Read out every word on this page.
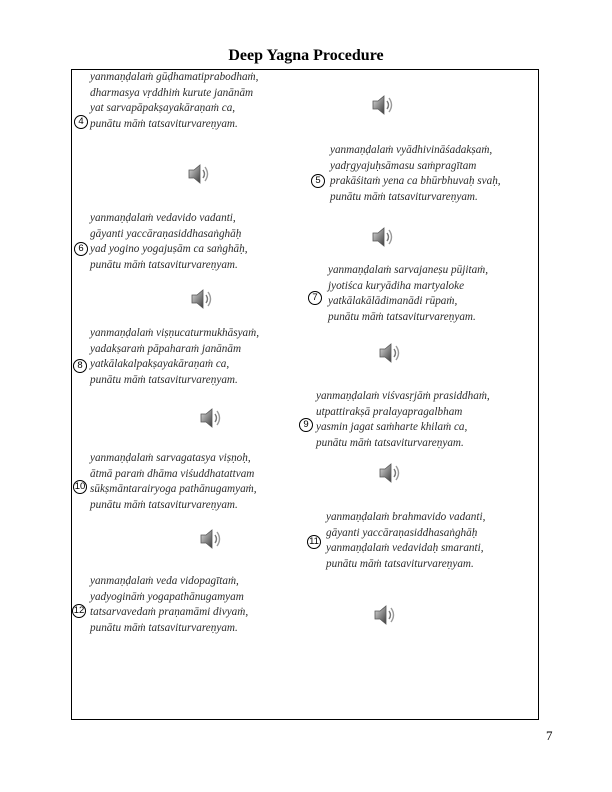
Deep Yagna Procedure
4
yanmaṇḍalaṁ gūḍhamatiprabodhaṁ,
dharmasya vṛddhiṁ kurute janānām
yat sarvapāpakṣayakāraṇaṁ ca,
punātu māṁ tatsaviturvareṇyam.
5
yanmaṇḍalaṁ vyādhivināśadakṣaṁ,
yadṛgyajuḥsāmasu saṁpragītam
prakāśitaṁ yena ca bhūrbhuvaḥ svaḥ,
punātu māṁ tatsaviturvareṇyam.
6
yanmaṇḍalaṁ vedavido vadanti,
gāyanti yaccāraṇasiddhasaṅghāḥ
yad yogino yogajuṣām ca saṅghāḥ,
punātu māṁ tatsaviturvareṇyam.
7
yanmaṇḍalaṁ sarvajaneṣu pūjitaṁ,
jyotiśca kuryādiha martyaloke
yatkālakālādimanādi rūpaṁ,
punātu māṁ tatsaviturvareṇyam.
8
yanmaṇḍalaṁ viṣṇucaturmukhāsyaṁ,
yadakṣaraṁ pāpaharaṁ janānām
yatkālakalpakṣayakāraṇaṁ ca,
punātu māṁ tatsaviturvareṇyam.
9
yanmaṇḍalaṁ viśvasṛjāṁ prasiddhaṁ,
utpattirakṣā pralayapragalbham
yasmin jagat saṁharte khilaṁ ca,
punātu māṁ tatsaviturvareṇyam.
10
yanmaṇḍalaṁ sarvagatasya viṣṇoḥ,
ātmā paraṁ dhāma viśuddhatattvam
sūkṣmāntarairyoga pathānugamyaṁ,
punātu māṁ tatsaviturvareṇyam.
11
yanmaṇḍalaṁ brahmavido vadanti,
gāyanti yaccāraṇasiddhasaṅghāḥ
yanmaṇḍalaṁ vedavidaḥ smaranti,
punātu māṁ tatsaviturvareṇyam.
12
yanmaṇḍalaṁ veda vidopagītaṁ,
yadyogināṁ yogapathānugamyam
tatsarvavedaṁ praṇamāmi divyaṁ,
punātu māṁ tatsaviturvareṇyam.
7
